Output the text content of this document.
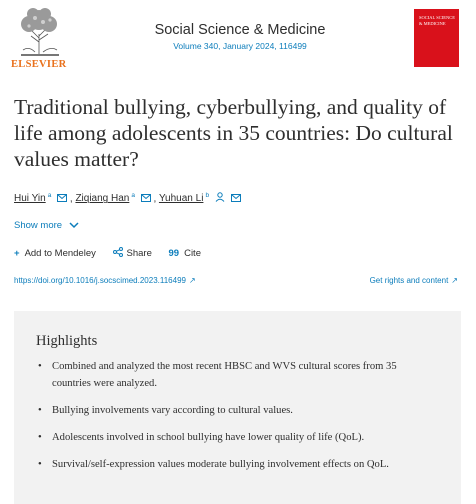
ELSEVIER
Social Science & Medicine
Volume 340, January 2024, 116499
SOCIAL SCIENCE & MEDICINE
Traditional bullying, cyberbullying, and quality of life among adolescents in 35 countries: Do cultural values matter?
Hui Yin $^a$ , Ziqiang Han $^a$ , Yuhuan Li $^b$
Show more
+ Add to Mendeley	Share 99 Cite
https://doi.org/10.1016/j.socscimed.2023.116499 ↗	Get rights and content ↗
Highlights
• Combined and analyzed the most recent HBSC and WVS cultural scores from 35 countries were analyzed.
• Bullying involvements vary according to cultural values.
• Adolescents involved in school bullying have lower quality of life (QoL).
• Survival/self-expression values moderate bullying involvement effects on QoL.
